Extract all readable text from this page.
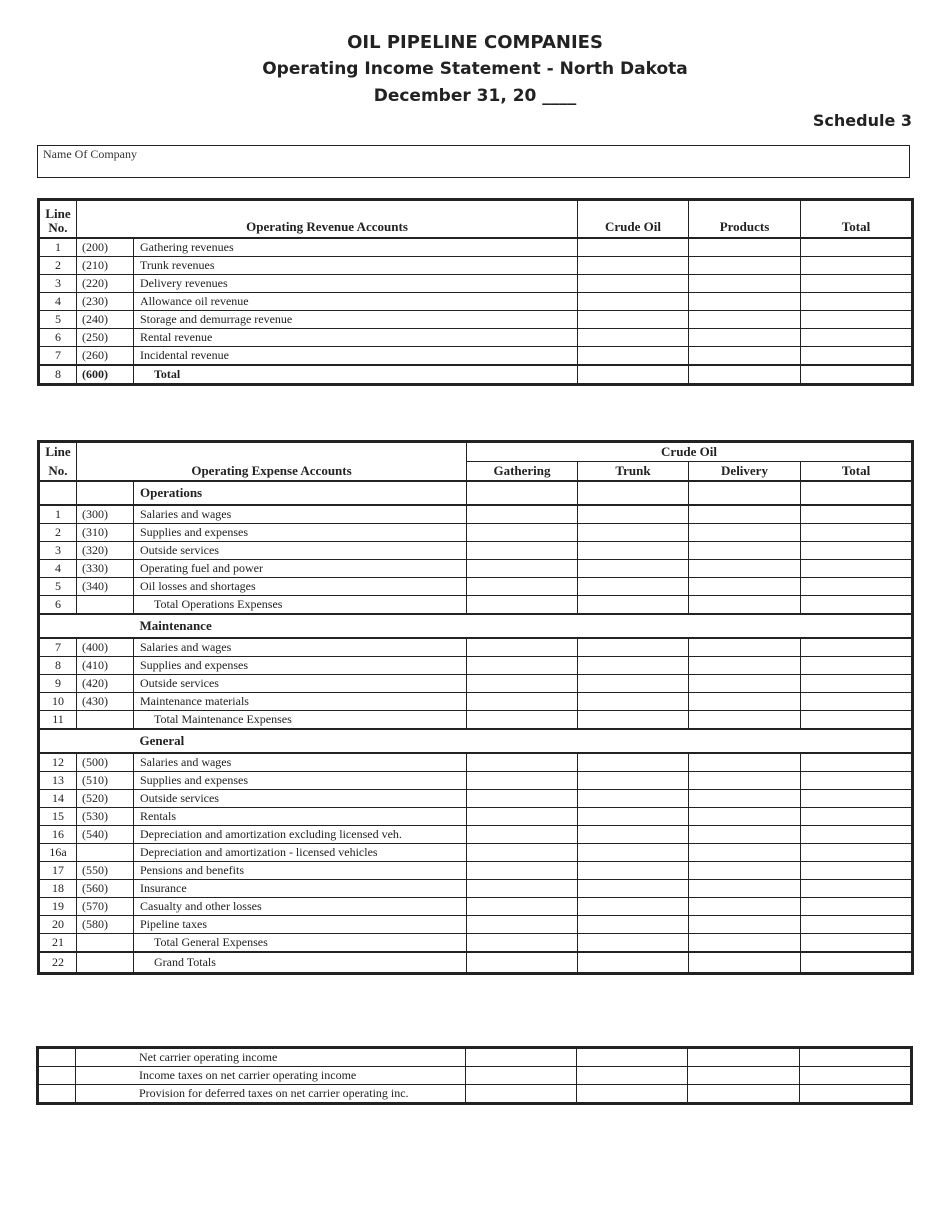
OIL PIPELINE COMPANIES
Operating Income Statement - North Dakota
December 31, 20 ____
Schedule 3
Name Of Company
Line
No.	Operating Revenue Accounts		Crude Oil	Products	Total
1	(200)	Gathering revenues			
2	(210)	Trunk revenues			
3	(220)	Delivery revenues			
4	(230)	Allowance oil revenue			
5	(240)	Storage and demurrage revenue			
6	(250)	Rental revenue			
7	(260)	Incidental revenue			
8	(600)	Total			
Line			Crude Oil			
No.	Operating Expense Accounts		Gathering	Trunk	Delivery	Total
		Operations				
1	(300)	Salaries and wages				
2	(310)	Supplies and expenses				
3	(320)	Outside services				
4	(330)	Operating fuel and power				
5	(340)	Oil losses and shortages				
6		Total Operations Expenses				
		Maintenance				
7	(400)	Salaries and wages				
8	(410)	Supplies and expenses				
9	(420)	Outside services				
10	(430)	Maintenance materials				
11		Total Maintenance Expenses				
		General				
12	(500)	Salaries and wages				
13	(510)	Supplies and expenses				
14	(520)	Outside services				
15	(530)	Rentals				
16	(540)	Depreciation and amortization excluding licensed veh.				
16a		Depreciation and amortization - licensed vehicles				
17	(550)	Pensions and benefits				
18	(560)	Insurance				
19	(570)	Casualty and other losses				
20	(580)	Pipeline taxes				
21		Total General Expenses				
22		Grand Totals				
	Net carrier operating income				
	Income taxes on net carrier operating income				
	Provision for deferred taxes on net carrier operating inc.				
